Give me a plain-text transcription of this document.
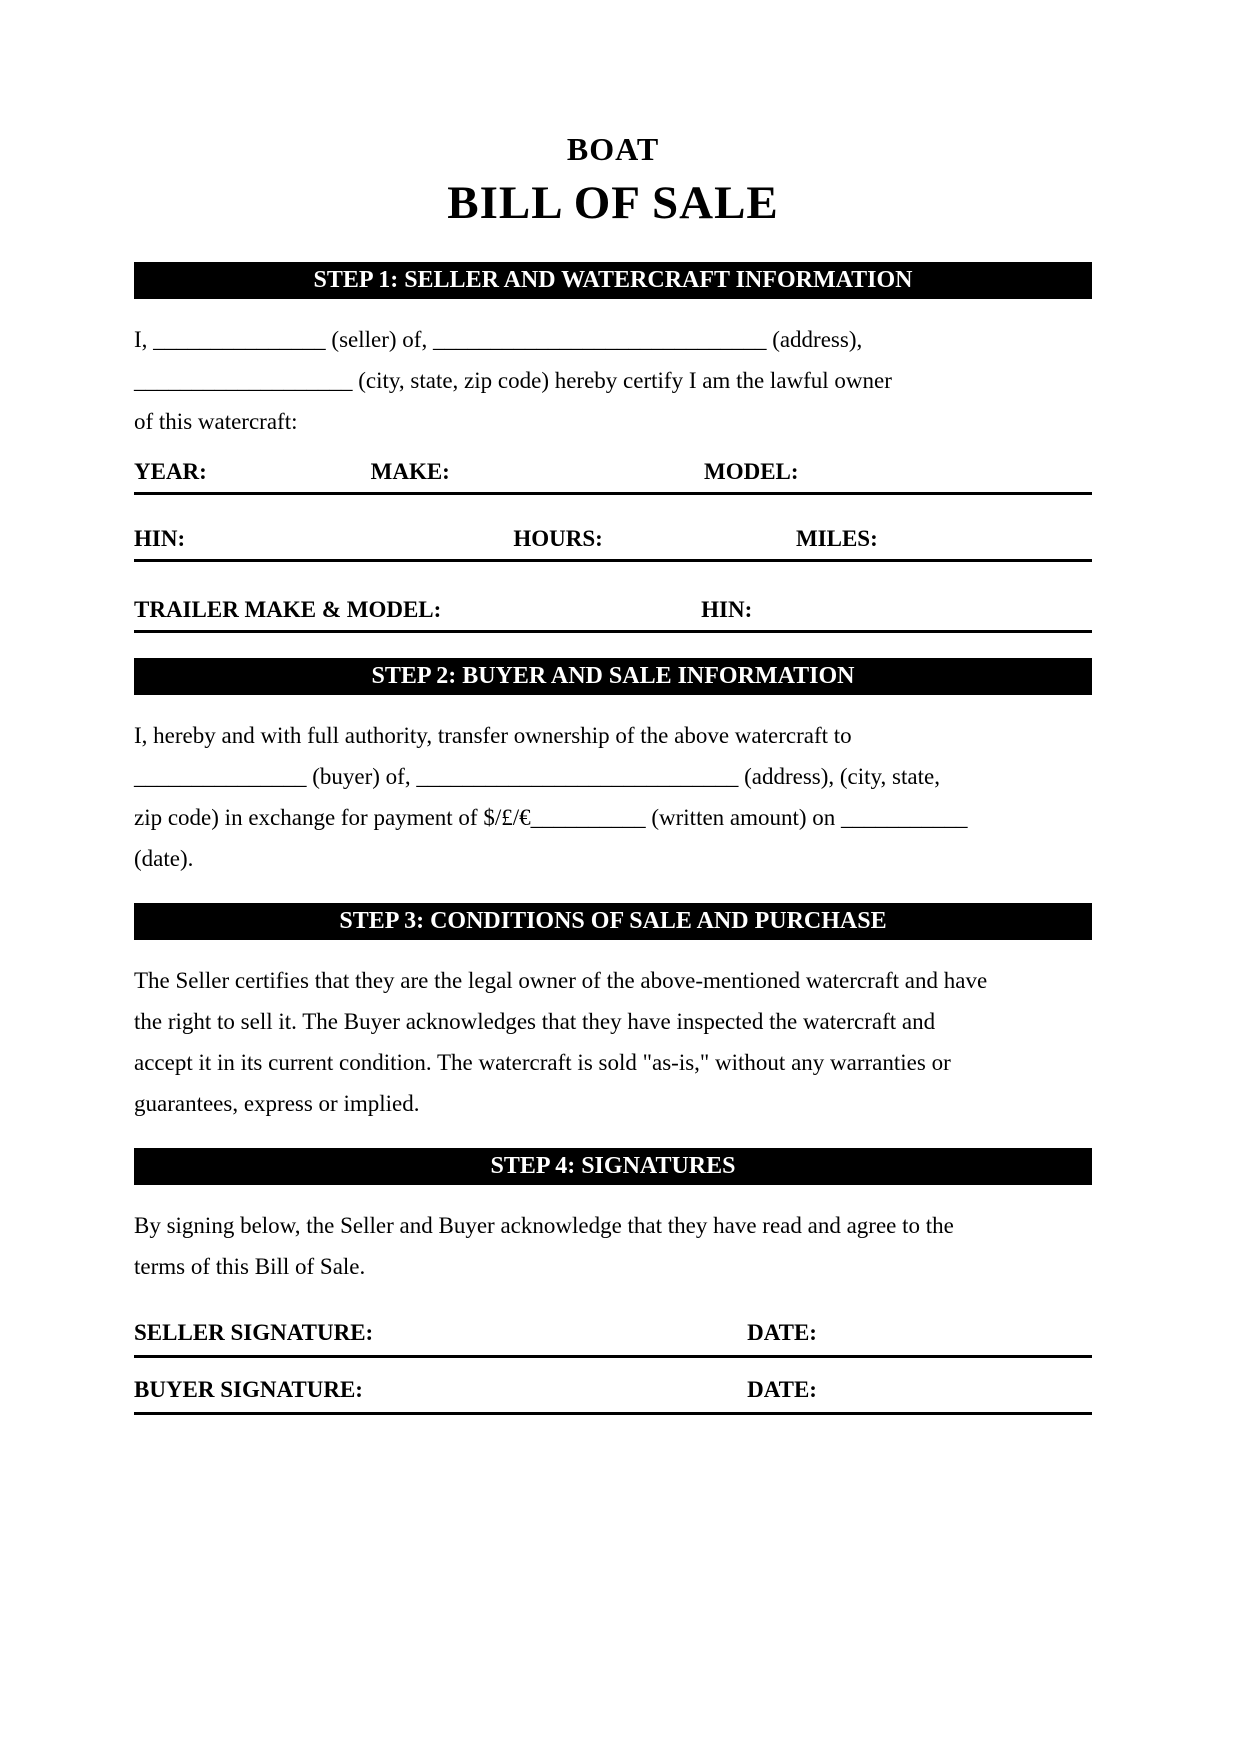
BOAT
BILL OF SALE
STEP 1: SELLER AND WATERCRAFT INFORMATION
I, _______________ (seller) of, _____________________________ (address),
___________________ (city, state, zip code) hereby certify I am the lawful owner
of this watercraft:
YEAR:	MAKE:	MODEL:
HIN:	HOURS:	MILES:
TRAILER MAKE & MODEL:	HIN:
STEP 2: BUYER AND SALE INFORMATION
I, hereby and with full authority, transfer ownership of the above watercraft to
_______________ (buyer) of, ____________________________ (address), (city, state,
zip code) in exchange for payment of $/£/€__________ (written amount) on ___________
(date).
STEP 3: CONDITIONS OF SALE AND PURCHASE
The Seller certifies that they are the legal owner of the above-mentioned watercraft and have
the right to sell it. The Buyer acknowledges that they have inspected the watercraft and
accept it in its current condition. The watercraft is sold "as-is," without any warranties or
guarantees, express or implied.
STEP 4: SIGNATURES
By signing below, the Seller and Buyer acknowledge that they have read and agree to the
terms of this Bill of Sale.
SELLER SIGNATURE:	DATE:
BUYER SIGNATURE:	DATE:
